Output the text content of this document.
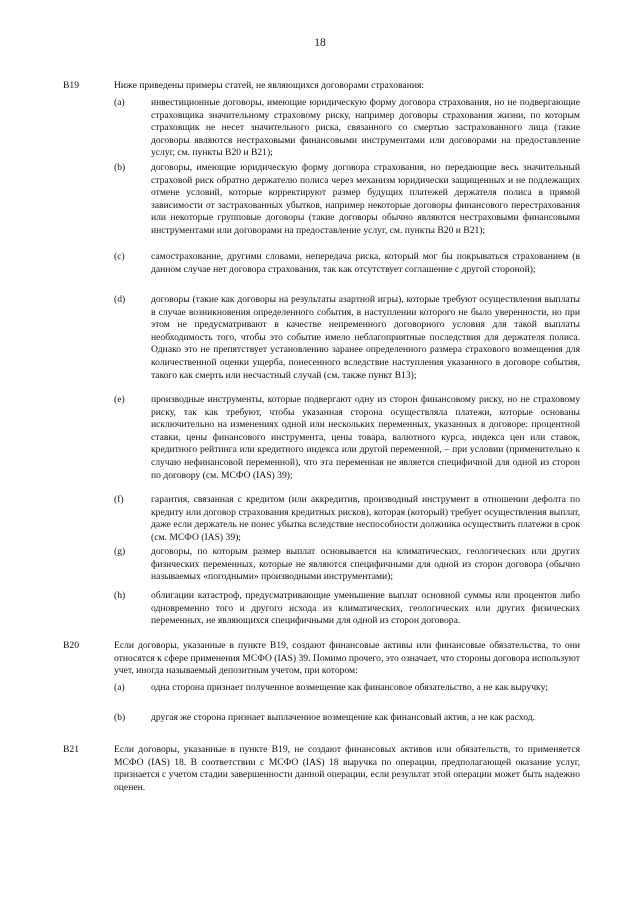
18
B19	Ниже приведены примеры статей, не являющихся договорами страхования:

(a)	инвестиционные договоры, имеющие юридическую форму договора страхования, но не подвергающие страховщика значительному страховому риску, например договоры страхования жизни, по которым страховщик не несет значительного риска, связанного со смертью застрахованного лица (такие договоры являются нестраховыми финансовыми инструментами или договорами на предоставление услуг, см. пункты B20 и B21);

(b)	договоры, имеющие юридическую форму договора страхования, но передающие весь значительный страховой риск обратно держателю полиса через механизм юридически защищенных и не подлежащих отмене условий, которые корректируют размер будущих платежей держателя полиса в прямой зависимости от застрахованных убытков, например некоторые договоры финансового перестрахования или некоторые групповые договоры (такие договоры обычно являются нестраховыми финансовыми инструментами или договорами на предоставление услуг, см. пункты B20 и B21);

(c)	самострахование, другими словами, непередача риска, который мог бы покрываться страхованием (в данном случае нет договора страхования, так как отсутствует соглашение с другой стороной);

(d)	договоры (такие как договоры на результаты азартной игры), которые требуют осуществления выплаты в случае возникновения определенного события, в наступлении которого не было уверенности, но при этом не предусматривают в качестве непременного договорного условия для такой выплаты необходимость того, чтобы это событие имело неблагоприятные последствия для держателя полиса. Однако это не препятствует установлению заранее определенного размера страхового возмещения для количественной оценки ущерба, понесенного вследствие наступления указанного в договоре события, такого как смерть или несчастный случай (см. также пункт B13);

(e)	производные инструменты, которые подвергают одну из сторон финансовому риску, но не страховому риску, так как требуют, чтобы указанная сторона осуществляла платежи, которые основаны исключительно на изменениях одной или нескольких переменных, указанных в договоре: процентной ставки, цены финансового инструмента, цены товара, валютного курса, индекса цен или ставок, кредитного рейтинга или кредитного индекса или другой переменной, – при условии (применительно к случаю нефинансовой переменной), что эта переменная не является специфичной для одной из сторон по договору (см. МСФО (IAS) 39);

(f)	гарантия, связанная с кредитом (или аккредитив, производный инструмент в отношении дефолта по кредиту или договор страхования кредитных рисков), которая (который) требует осуществления выплат, даже если держатель не понес убытка вследствие неспособности должника осуществить платежи в срок (см. МСФО (IAS) 39);

(g)	договоры, по которым размер выплат основывается на климатических, геологических или других физических переменных, которые не являются специфичными для одной из сторон договора (обычно называемых «погодными» производными инструментами);

(h)	облигации катастроф, предусматривающие уменьшение выплат основной суммы или процентов либо одновременно того и другого исхода из климатических, геологических или других физических переменных, не являющихся специфичными для одной из сторон договора.

B20	Если договоры, указанные в пункте B19, создают финансовые активы или финансовые обязательства, то они относятся к сфере применения МСФО (IAS) 39. Помимо прочего, это означает, что стороны договора используют учет, иногда называемый депозитным учетом, при котором:

(a)	одна сторона признает полученное возмещение как финансовое обязательство, а не как выручку;

(b)	другая же сторона признает выплаченное возмещение как финансовый актив, а не как расход.

B21	Если договоры, указанные в пункте B19, не создают финансовых активов или обязательств, то применяется МСФО (IAS) 18. В соответствии с МСФО (IAS) 18 выручка по операции, предполагающей оказание услуг, признается с учетом стадии завершенности данной операции, если результат этой операции может быть надежно оценен.
